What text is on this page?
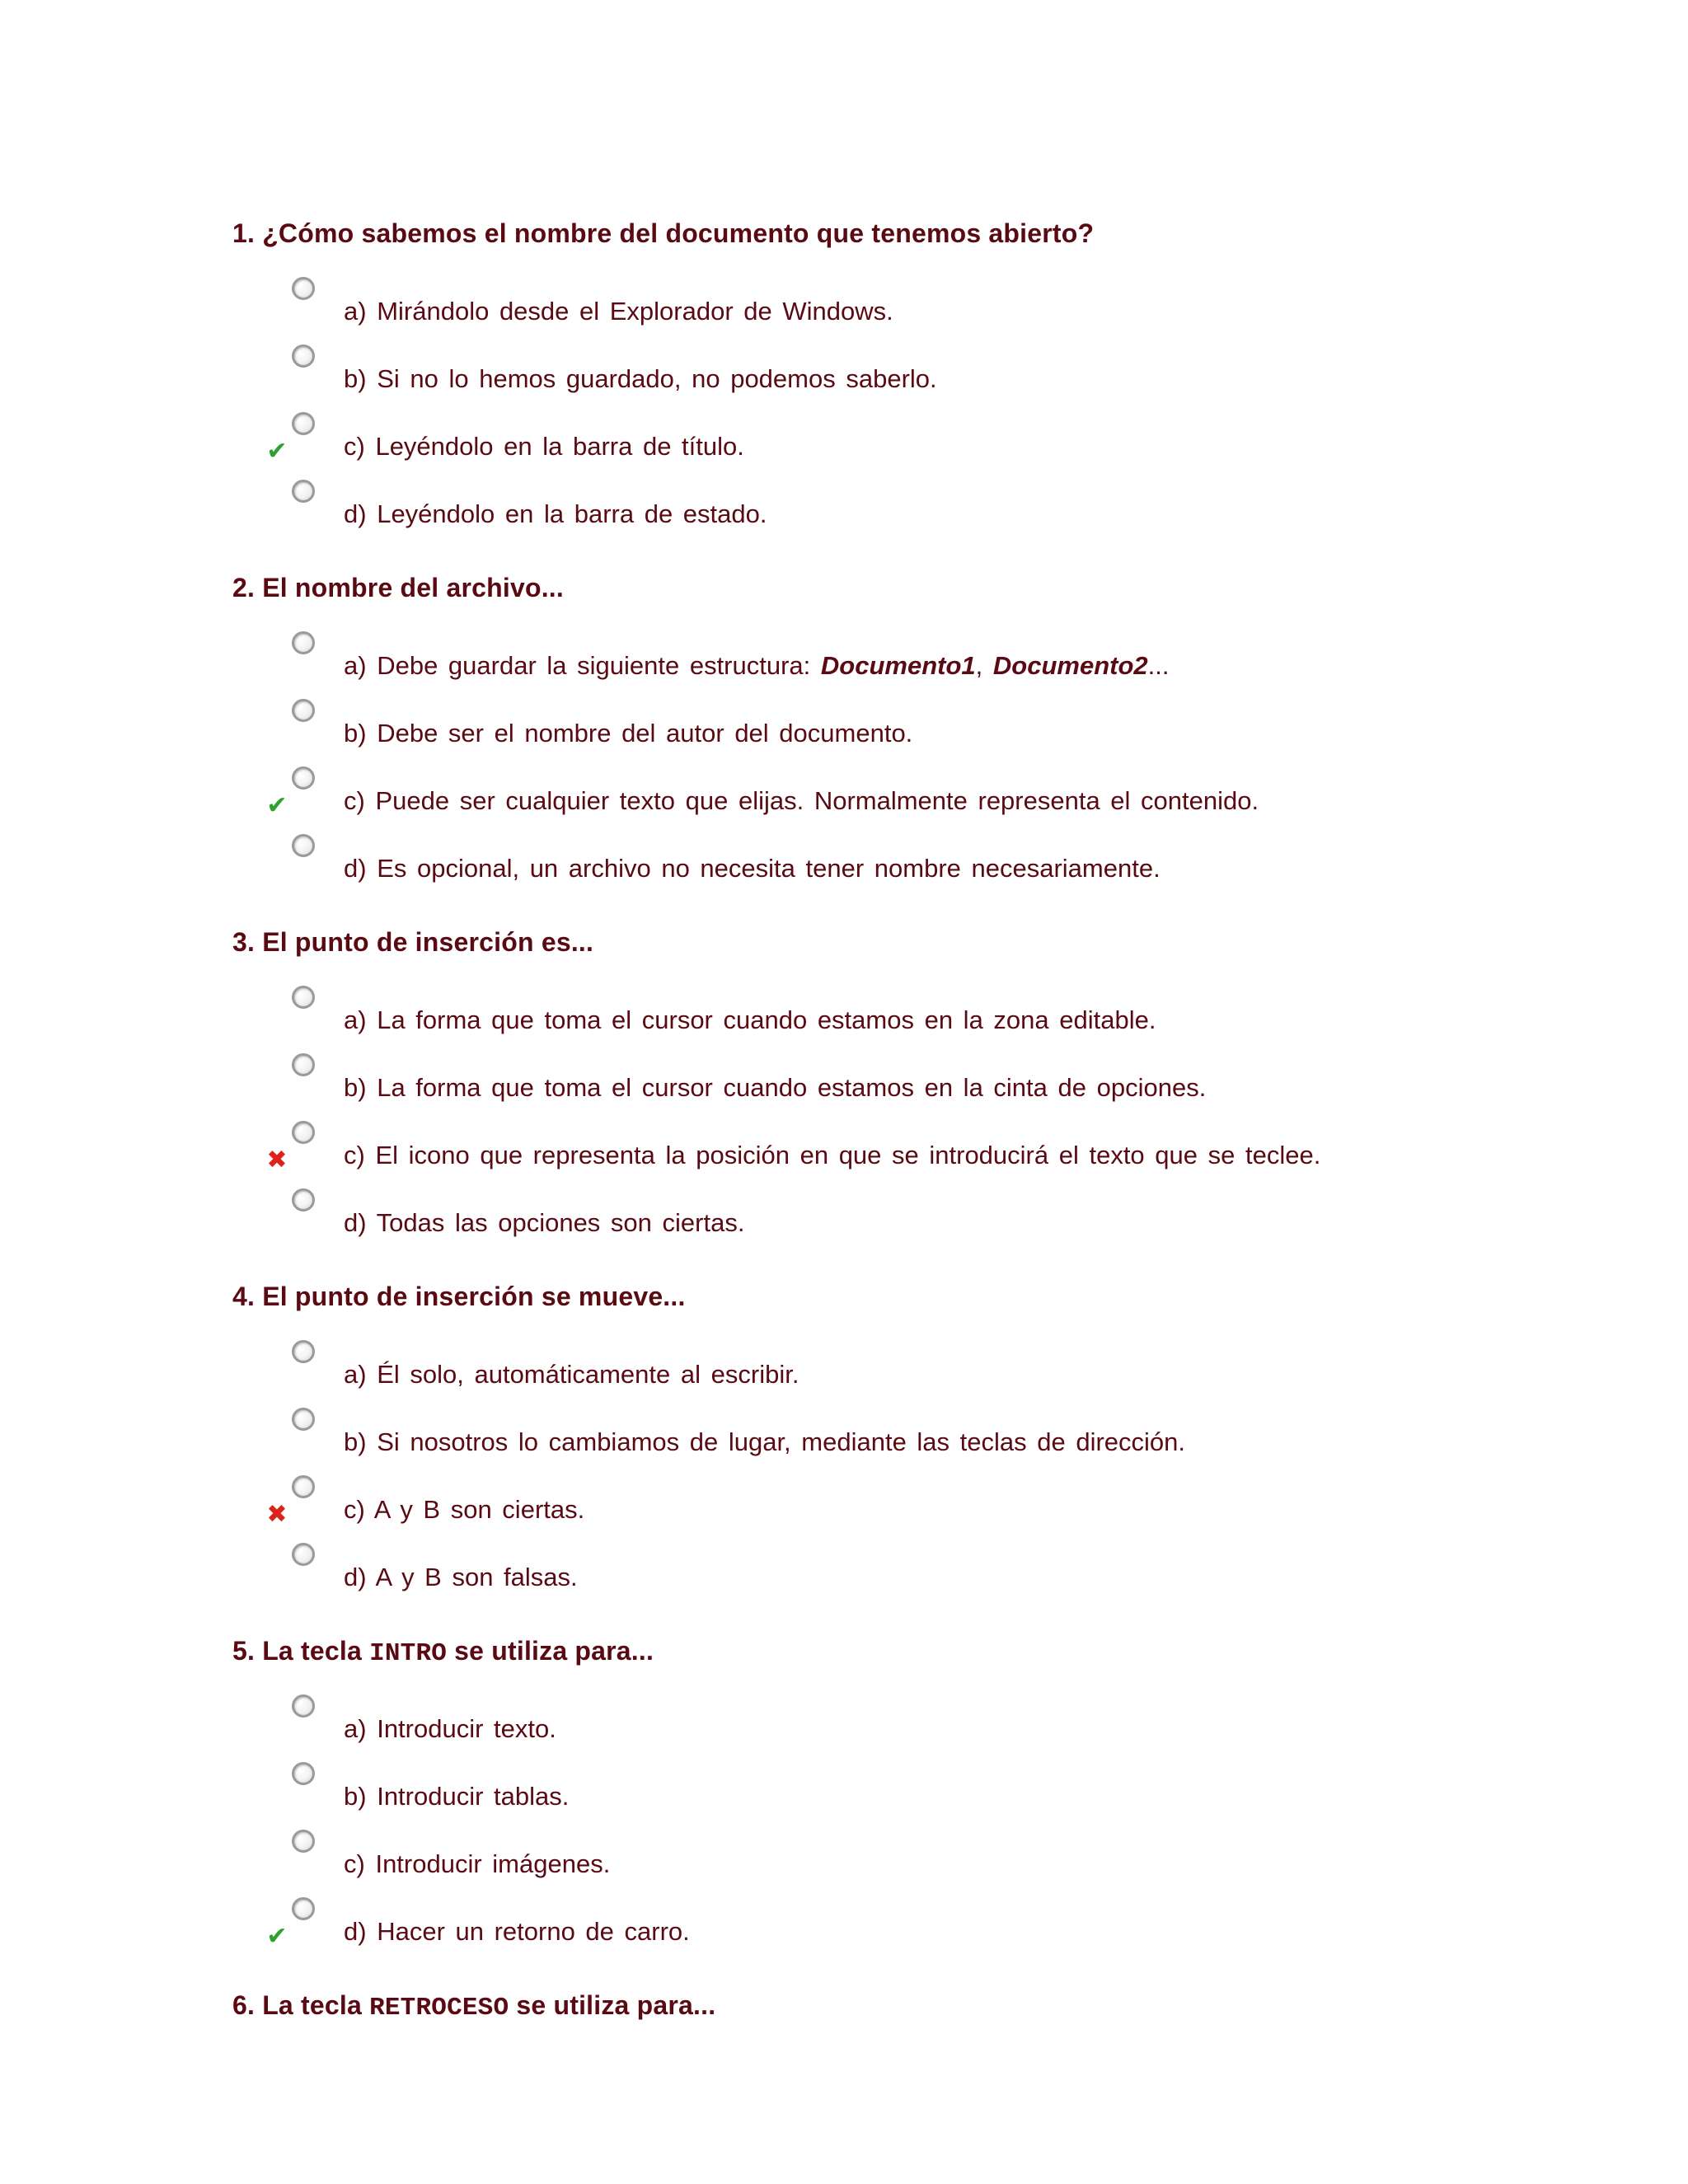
1. ¿Cómo sabemos el nombre del documento que tenemos abierto?
a) Mirándolo desde el Explorador de Windows.
b) Si no lo hemos guardado, no podemos saberlo.
✔ c) Leyéndolo en la barra de título.
d) Leyéndolo en la barra de estado.
2. El nombre del archivo...
a) Debe guardar la siguiente estructura: Documento1, Documento2...
b) Debe ser el nombre del autor del documento.
✔ c) Puede ser cualquier texto que elijas. Normalmente representa el contenido.
d) Es opcional, un archivo no necesita tener nombre necesariamente.
3. El punto de inserción es...
a) La forma que toma el cursor cuando estamos en la zona editable.
b) La forma que toma el cursor cuando estamos en la cinta de opciones.
✖ c) El icono que representa la posición en que se introducirá el texto que se teclee.
d) Todas las opciones son ciertas.
4. El punto de inserción se mueve...
a) Él solo, automáticamente al escribir.
b) Si nosotros lo cambiamos de lugar, mediante las teclas de dirección.
✖ c) A y B son ciertas.
d) A y B son falsas.
5. La tecla INTRO se utiliza para...
a) Introducir texto.
b) Introducir tablas.
c) Introducir imágenes.
✔ d) Hacer un retorno de carro.
6. La tecla RETROCESO se utiliza para...
